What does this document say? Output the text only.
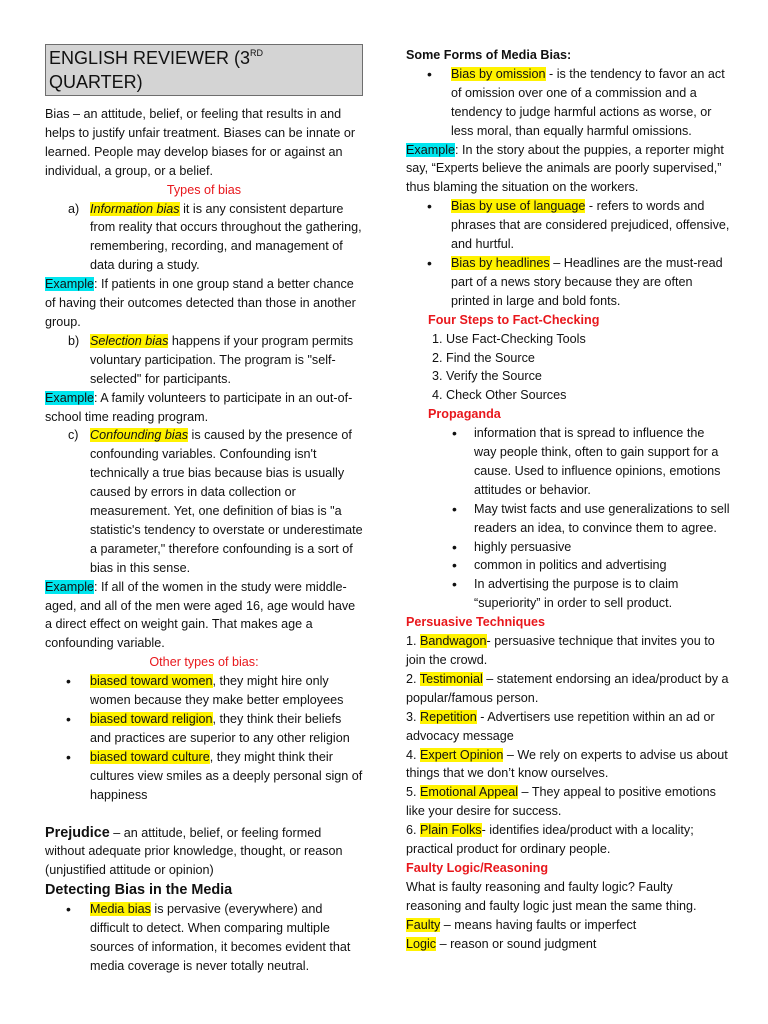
ENGLISH REVIEWER (3RD QUARTER)

Bias – an attitude, belief, or feeling that results in and helps to justify unfair treatment. Biases can be innate or learned. People may develop biases for or against an individual, a group, or a belief.

Types of bias

a) Information bias it is any consistent departure from reality that occurs throughout the gathering, remembering, recording, and management of data during a study.

Example: If patients in one group stand a better chance of having their outcomes detected than those in another group.

b) Selection bias happens if your program permits voluntary participation. The program is "self-selected" for participants.

Example: A family volunteers to participate in an out-of-school time reading program.

c) Confounding bias is caused by the presence of confounding variables. Confounding isn't technically a true bias because bias is usually caused by errors in data collection or measurement. Yet, one definition of bias is "a statistic's tendency to overstate or underestimate a parameter," therefore confounding is a sort of bias in this sense.

Example: If all of the women in the study were middle-aged, and all of the men were aged 16, age would have a direct effect on weight gain. That makes age a confounding variable.

Other types of bias:

• biased toward women, they might hire only women because they make better employees
• biased toward religion, they think their beliefs and practices are superior to any other religion
• biased toward culture, they might think their cultures view smiles as a deeply personal sign of happiness

Prejudice – an attitude, belief, or feeling formed without adequate prior knowledge, thought, or reason (unjustified attitude or opinion)

Detecting Bias in the Media

• Media bias is pervasive (everywhere) and difficult to detect. When comparing multiple sources of information, it becomes evident that media coverage is never totally neutral.

Some Forms of Media Bias:

• Bias by omission - is the tendency to favor an act of omission over one of a commission and a tendency to judge harmful actions as worse, or less moral, than equally harmful omissions.

Example: In the story about the puppies, a reporter might say, “Experts believe the animals are poorly supervised,” thus blaming the situation on the workers.

• Bias by use of language - refers to words and phrases that are considered prejudiced, offensive, and hurtful.
• Bias by headlines – Headlines are the must-read part of a news story because they are often printed in large and bold fonts.

Four Steps to Fact-Checking

1. Use Fact-Checking Tools
2. Find the Source
3. Verify the Source
4. Check Other Sources

Propaganda

• information that is spread to influence the way people think, often to gain support for a cause. Used to influence opinions, emotions attitudes or behavior.
• May twist facts and use generalizations to sell readers an idea, to convince them to agree.
• highly persuasive
• common in politics and advertising
• In advertising the purpose is to claim “superiority” in order to sell product.

Persuasive Techniques

1. Bandwagon- persuasive technique that invites you to join the crowd.

2. Testimonial – statement endorsing an idea/product by a popular/famous person.

3. Repetition - Advertisers use repetition within an ad or advocacy message

4. Expert Opinion – We rely on experts to advise us about things that we don’t know ourselves.

5. Emotional Appeal – They appeal to positive emotions like your desire for success.

6. Plain Folks- identifies idea/product with a locality; practical product for ordinary people.

Faulty Logic/Reasoning

What is faulty reasoning and faulty logic? Faulty reasoning and faulty logic just mean the same thing.

Faulty – means having faults or imperfect

Logic – reason or sound judgment
